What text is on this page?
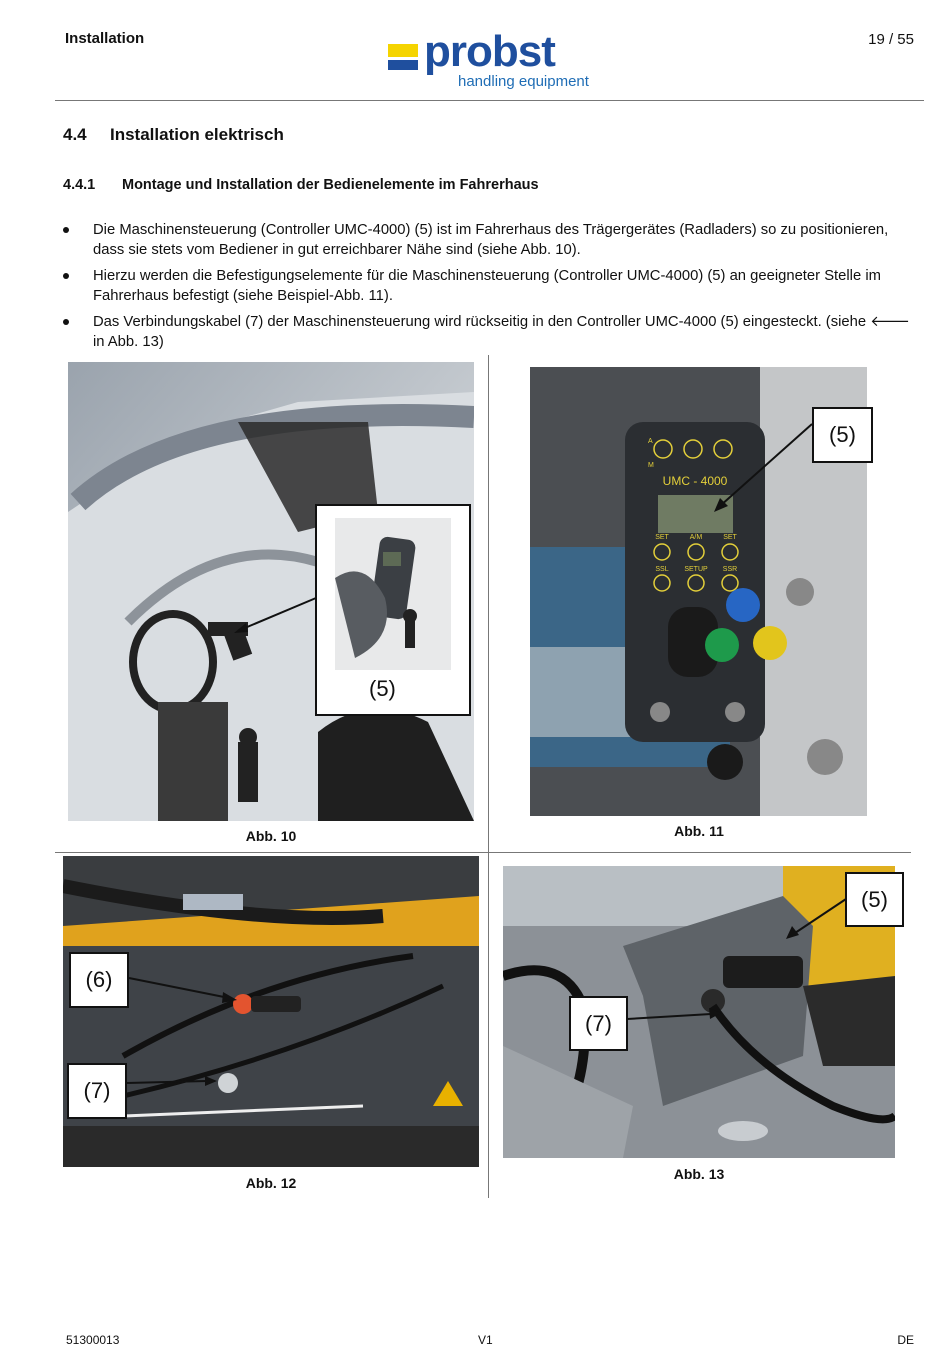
Installation	probst
handling equipment
19 / 55
4.4 Installation elektrisch
4.4.1 Montage und Installation der Bedienelemente im Fahrerhaus
Die Maschinensteuerung (Controller UMC-4000) (5) ist im Fahrerhaus des Trägergerätes (Radladers) so zu positionieren, dass sie stets vom Bediener in gut erreichbarer Nähe sind (siehe Abb. 10).
Hierzu werden die Befestigungselemente für die Maschinensteuerung (Controller UMC-4000) (5) an geeigneter Stelle im Fahrerhaus befestigt (siehe Beispiel-Abb. 11).
Das Verbindungskabel (7) der Maschinensteuerung wird rückseitig in den Controller UMC-4000 (5) eingesteckt. (siehe 🡐 in Abb. 13)
(5)
Abb. 10
UMC - 4000
A
M
SET	A/M	SET
SSL SETUP SSR
(5)
Abb. 11
(6)
(7)
Abb. 12
(5)
(7)
Abb. 13
51300013	V1	DE
